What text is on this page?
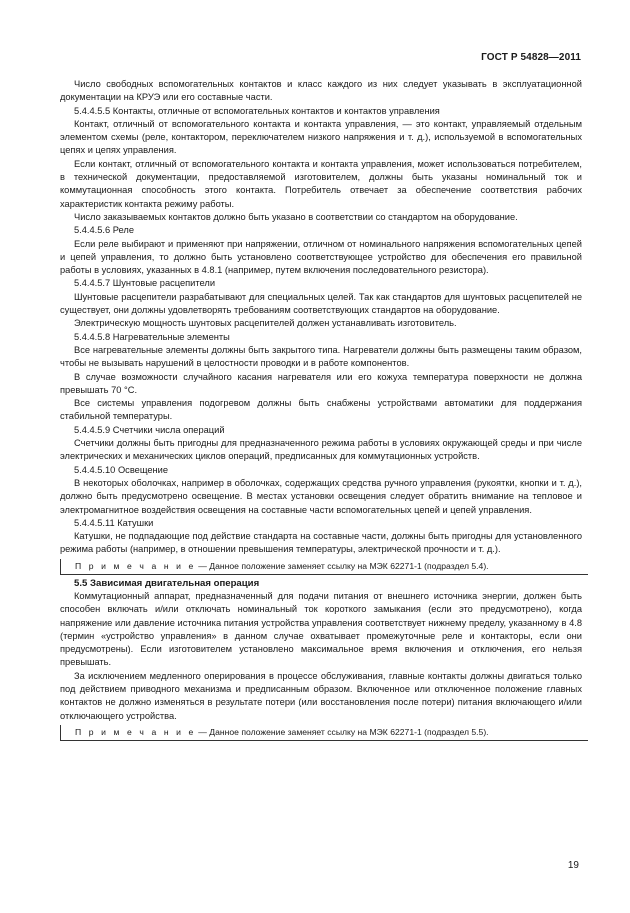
ГОСТ Р 54828—2011

Число свободных вспомогательных контактов и класс каждого из них следует указывать в эксплуатационной документации на КРУЭ или его составные части.

5.4.4.5.5 Контакты, отличные от вспомогательных контактов и контактов управления

Контакт, отличный от вспомогательного контакта и контакта управления, — это контакт, управляемый отдельным элементом схемы (реле, контактором, переключателем низкого напряжения и т. д.), используемой в вспомогательных цепях и цепях управления.

Если контакт, отличный от вспомогательного контакта и контакта управления, может использоваться потребителем, в технической документации, предоставляемой изготовителем, должны быть указаны номинальный ток и коммутационная способность этого контакта. Потребитель отвечает за обеспечение соответствия рабочих характеристик контакта режиму работы.

Число заказываемых контактов должно быть указано в соответствии со стандартом на оборудование.

5.4.4.5.6 Реле

Если реле выбирают и применяют при напряжении, отличном от номинального напряжения вспомогательных цепей и цепей управления, то должно быть установлено соответствующее устройство для обеспечения его правильной работы в условиях, указанных в 4.8.1 (например, путем включения последовательного резистора).

5.4.4.5.7 Шунтовые расцепители

Шунтовые расцепители разрабатывают для специальных целей. Так как стандартов для шунтовых расцепителей не существует, они должны удовлетворять требованиям соответствующих стандартов на оборудование.

Электрическую мощность шунтовых расцепителей должен устанавливать изготовитель.

5.4.4.5.8 Нагревательные элементы

Все нагревательные элементы должны быть закрытого типа. Нагреватели должны быть размещены таким образом, чтобы не вызывать нарушений в целостности проводки и в работе компонентов.

В случае возможности случайного касания нагревателя или его кожуха температура поверхности не должна превышать 70 °С.

Все системы управления подогревом должны быть снабжены устройствами автоматики для поддержания стабильной температуры.

5.4.4.5.9 Счетчики числа операций

Счетчики должны быть пригодны для предназначенного режима работы в условиях окружающей среды и при числе электрических и механических циклов операций, предписанных для коммутационных устройств.

5.4.4.5.10 Освещение

В некоторых оболочках, например в оболочках, содержащих средства ручного управления (рукоятки, кнопки и т. д.), должно быть предусмотрено освещение. В местах установки освещения следует обратить внимание на тепловое и электромагнитное воздействия освещения на составные части вспомогательных цепей и цепей управления.

5.4.4.5.11 Катушки

Катушки, не подпадающие под действие стандарта на составные части, должны быть пригодны для установленного режима работы (например, в отношении превышения температуры, электрической прочности и т. д.).

П р и м е ч а н и е — Данное положение заменяет ссылку на МЭК 62271-1 (подраздел 5.4).
5.5 Зависимая двигательная операция

Коммутационный аппарат, предназначенный для подачи питания от внешнего источника энергии, должен быть способен включать и/или отключать номинальный ток короткого замыкания (если это предусмотрено), когда напряжение или давление источника питания устройства управления соответствует нижнему пределу, указанному в 4.8 (термин «устройство управления» в данном случае охватывает промежуточные реле и контакторы, если они предусмотрены). Если изготовителем установлено максимальное время включения и отключения, его нельзя превышать.

За исключением медленного оперирования в процессе обслуживания, главные контакты должны двигаться только под действием приводного механизма и предписанным образом. Включенное или отключенное положение главных контактов не должно изменяться в результате потери (или восстановления после потери) питания включающего и/или отключающего устройства.

П р и м е ч а н и е — Данное положение заменяет ссылку на МЭК 62271-1 (подраздел 5.5).
19
